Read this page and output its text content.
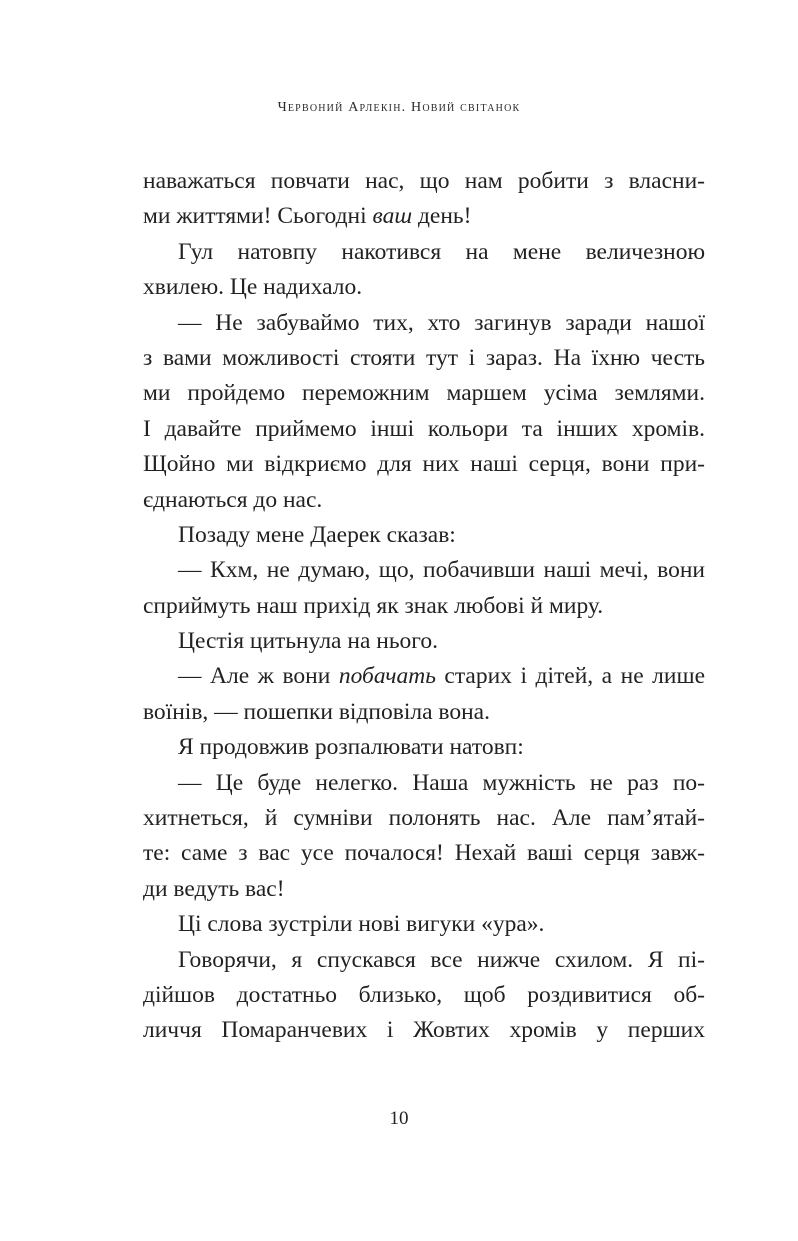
Червоний Арлекін. Новий світанок
наважаться повчати нас, що нам робити з власни-
ми життями! Сьогодні ваш день!
Гул натовпу накотився на мене величезною
хвилею. Це надихало.
— Не забуваймо тих, хто загинув заради нашої
з вами можливості стояти тут і зараз. На їхню честь
ми пройдемо переможним маршем усіма землями.
І давайте приймемо інші кольори та інших хромів.
Щойно ми відкриємо для них наші серця, вони при-
єднаються до нас.
Позаду мене Даерек сказав:
— Кхм, не думаю, що, побачивши наші мечі, вони
сприймуть наш прихід як знак любові й миру.
Цестія цитьнула на нього.
— Але ж вони побачать старих і дітей, а не лише
воїнів, — пошепки відповіла вона.
Я продовжив розпалювати натовп:
— Це буде нелегко. Наша мужність не раз по-
хитнеться, й сумніви полонять нас. Але пам’ятай-
те: саме з вас усе почалося! Нехай ваші серця завж-
ди ведуть вас!
Ці слова зустріли нові вигуки «ура».
Говорячи, я спускався все нижче схилом. Я пі-
дійшов достатньо близько, щоб роздивитися об-
личчя Помаранчевих і Жовтих хромів у перших
10
